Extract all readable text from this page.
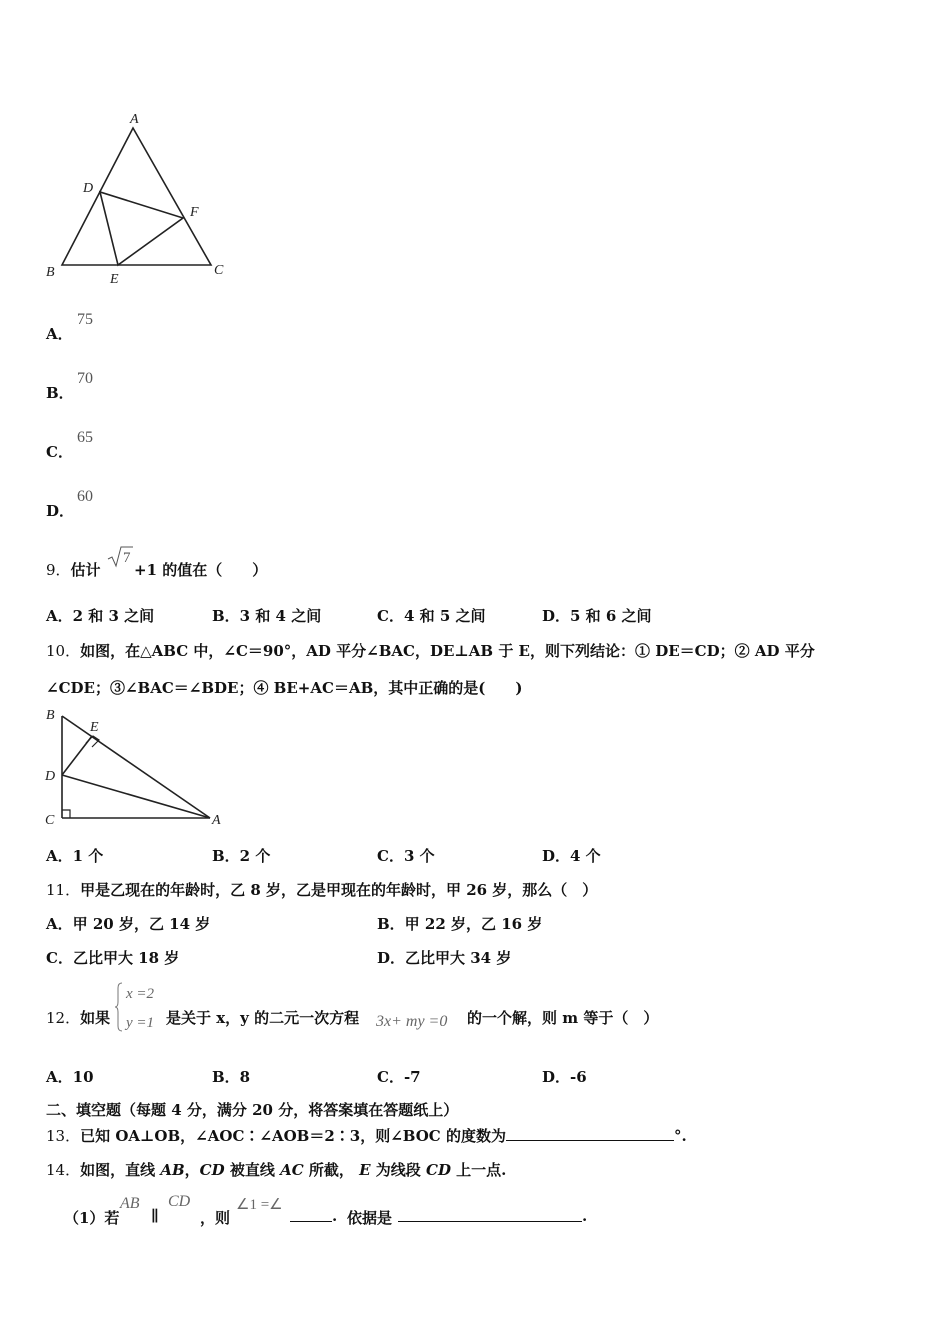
A
D
F
B	E
C
A．
75
B．
70
C．
65
D．
60
9．估计
7
+1 的值在（　　）
A．2 和 3 之间	B．3 和 4 之间	C．4 和 5 之间	D．5 和 6 之间
10．如图，在△ABC 中，∠C＝90°，AD 平分∠BAC，DE⊥AB 于 E，则下列结论：① DE＝CD；② AD 平分
∠CDE；③∠BAC＝∠BDE；④ BE+AC＝AB，其中正确的是(　　)
B
E
D
C	A
A．1 个	B．2 个	C．3 个	D．4 个
11．甲是乙现在的年龄时，乙 8 岁，乙是甲现在的年龄时，甲 26 岁，那么（　）
A．甲 20 岁，乙 14 岁	B．甲 22 岁，乙 16 岁
C．乙比甲大 18 岁	D．乙比甲大 34 岁
12．如果
x =2
y =1 是关于 x，y 的二元一次方程 3x+ my =0 的一个解，则 m 等于（　）
A．10	B．8	C．-7	D．-6
二、填空题（每题 4 分，满分 20 分，将答案填在答题纸上）
13．已知 OA⊥OB，∠AOC∶∠AOB＝2∶3，则∠BOC 的度数为	°.
14．如图，直线 AB，CD 被直线 AC 所截， E 为线段 CD 上一点.
（1）若
AB
∥
CD
，则
∠1 =∠
. 依据是	.
